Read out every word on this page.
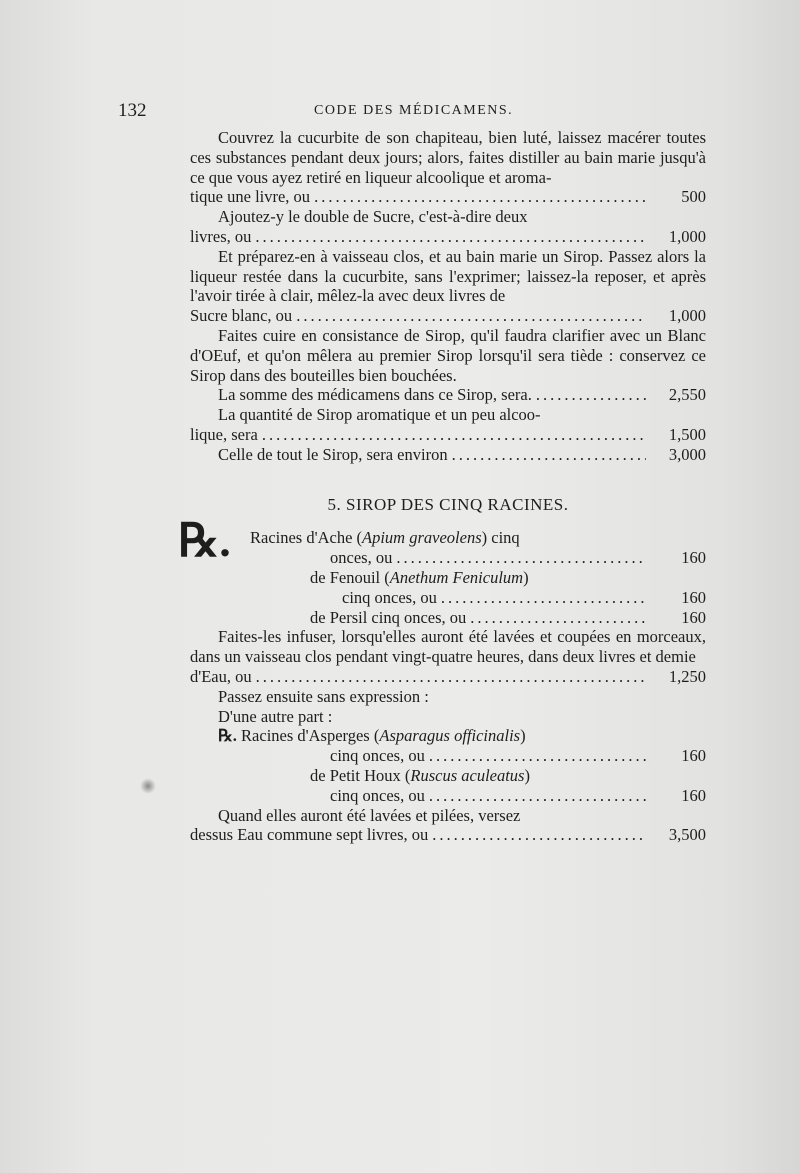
132	CODE DES MÉDICAMENS.

Couvrez la cucurbite de son chapiteau, bien luté, laissez macérer toutes ces substances pendant deux jours; alors, faites distiller au bain marie jusqu'à ce que vous ayez retiré en liqueur alcoolique et aroma-

tique une livre, ou .....	500

Ajoutez-y le double de Sucre, c'est-à-dire deux

livres, ou .....	1,000

Et préparez-en à vaisseau clos, et au bain marie un Sirop. Passez alors la liqueur restée dans la cucurbite, sans l'exprimer; laissez-la reposer, et après l'avoir tirée à clair, mêlez-la avec deux livres de

Sucre blanc, ou .....	1,000

Faites cuire en consistance de Sirop, qu'il faudra clarifier avec un Blanc d'OEuf, et qu'on mêlera au premier Sirop lorsqu'il sera tiède : conservez ce Sirop dans des bouteilles bien bouchées.

La somme des médicamens dans ce Sirop, sera. .....	2,550

La quantité de Sirop aromatique et un peu alcoo-

lique, sera .....	1,500
Celle de tout le Sirop, sera environ .....	3,000
5. SIROP DES CINQ RACINES.
℞.	Racines d'Ache (Apium graveolens) cinq
onces, ou .....	160
de Fenouil (Anethum Feniculum)
cinq onces, ou .....	160
de Persil cinq onces, ou .....	160

Faites-les infuser, lorsqu'elles auront été lavées et coupées en morceaux, dans un vaisseau clos pendant vingt-quatre heures, dans deux livres et demie

d'Eau, ou .....	1,250

Passez ensuite sans expression :

D'une autre part :

℞. Racines d'Asperges (Asparagus officinalis)
cinq onces, ou .....	160
de Petit Houx (Ruscus aculeatus)
cinq onces, ou .....	160

Quand elles auront été lavées et pilées, versez

dessus Eau commune sept livres, ou .....	3,500
